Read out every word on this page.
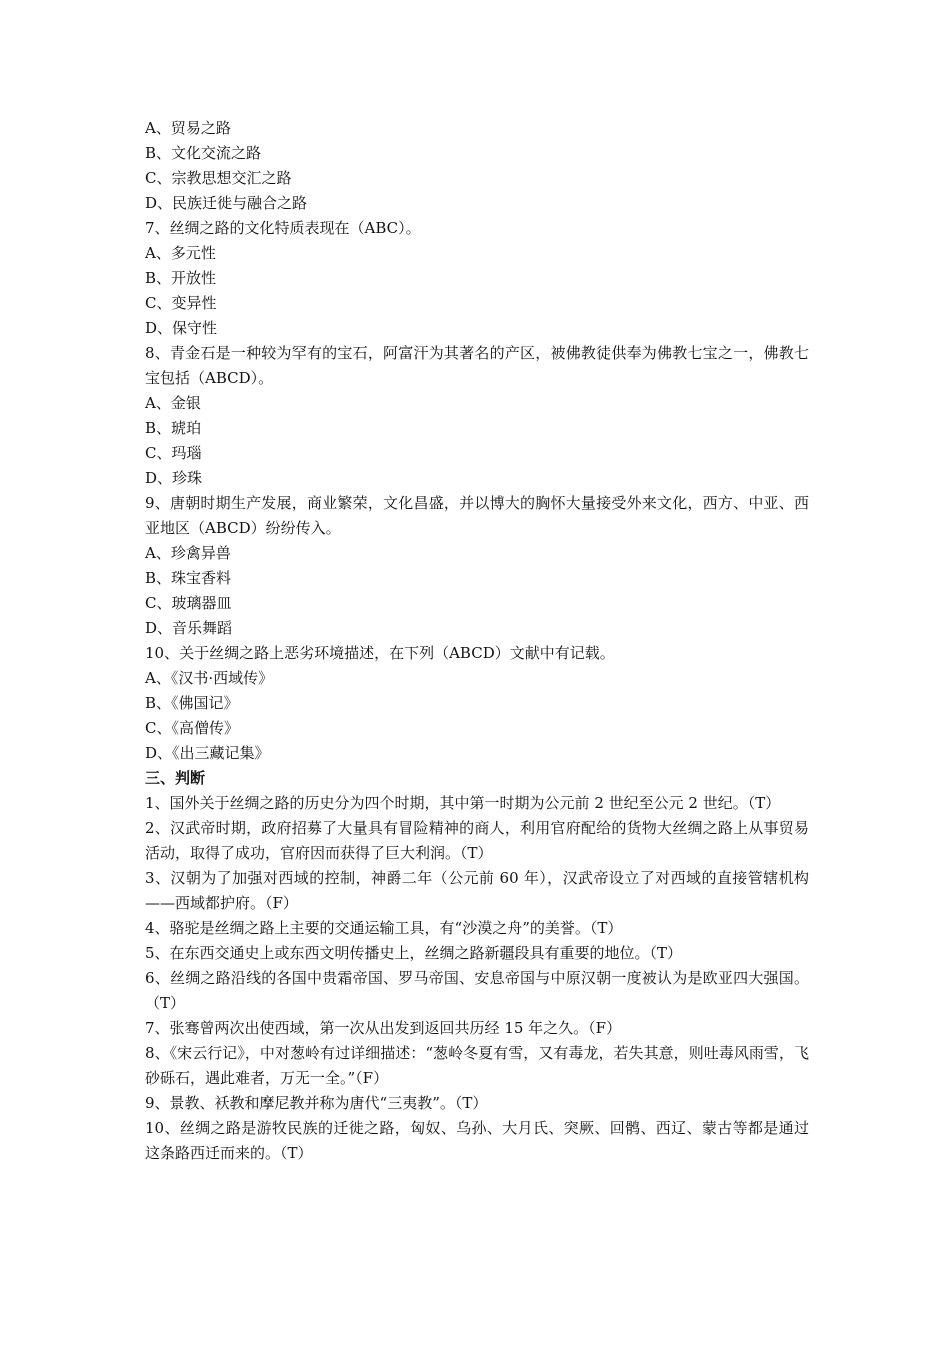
A、贸易之路
B、文化交流之路
C、宗教思想交汇之路
D、民族迁徙与融合之路
7、丝绸之路的文化特质表现在（ABC）。
A、多元性
B、开放性
C、变异性
D、保守性
8、青金石是一种较为罕有的宝石，阿富汗为其著名的产区，被佛教徒供奉为佛教七宝之一，佛教七宝包括（ABCD）。
A、金银
B、琥珀
C、玛瑙
D、珍珠
9、唐朝时期生产发展，商业繁荣，文化昌盛，并以博大的胸怀大量接受外来文化，西方、中亚、西亚地区（ABCD）纷纷传入。
A、珍禽异兽
B、珠宝香料
C、玻璃器皿
D、音乐舞蹈
10、关于丝绸之路上恶劣环境描述，在下列（ABCD）文献中有记载。
A、《汉书·西域传》
B、《佛国记》
C、《高僧传》
D、《出三藏记集》
三、判断
1、国外关于丝绸之路的历史分为四个时期，其中第一时期为公元前 2 世纪至公元 2 世纪。（T）
2、汉武帝时期，政府招募了大量具有冒险精神的商人，利用官府配给的货物大丝绸之路上从事贸易活动，取得了成功，官府因而获得了巨大利润。（T）
3、汉朝为了加强对西域的控制，神爵二年（公元前 60 年），汉武帝设立了对西域的直接管辖机构——西域都护府。（F）
4、骆驼是丝绸之路上主要的交通运输工具，有“沙漠之舟”的美誉。（T）
5、在东西交通史上或东西文明传播史上，丝绸之路新疆段具有重要的地位。（T）
6、丝绸之路沿线的各国中贵霜帝国、罗马帝国、安息帝国与中原汉朝一度被认为是欧亚四大强国。（T）
7、张骞曾两次出使西域，第一次从出发到返回共历经 15 年之久。（F）
8、《宋云行记》，中对葱岭有过详细描述：“葱岭冬夏有雪，又有毒龙，若失其意，则吐毒风雨雪，飞砂砾石，遇此难者，万无一全。”（F）
9、景教、袄教和摩尼教并称为唐代“三夷教”。（T）
10、丝绸之路是游牧民族的迁徙之路，匈奴、乌孙、大月氏、突厥、回鹘、西辽、蒙古等都是通过这条路西迁而来的。（T）
